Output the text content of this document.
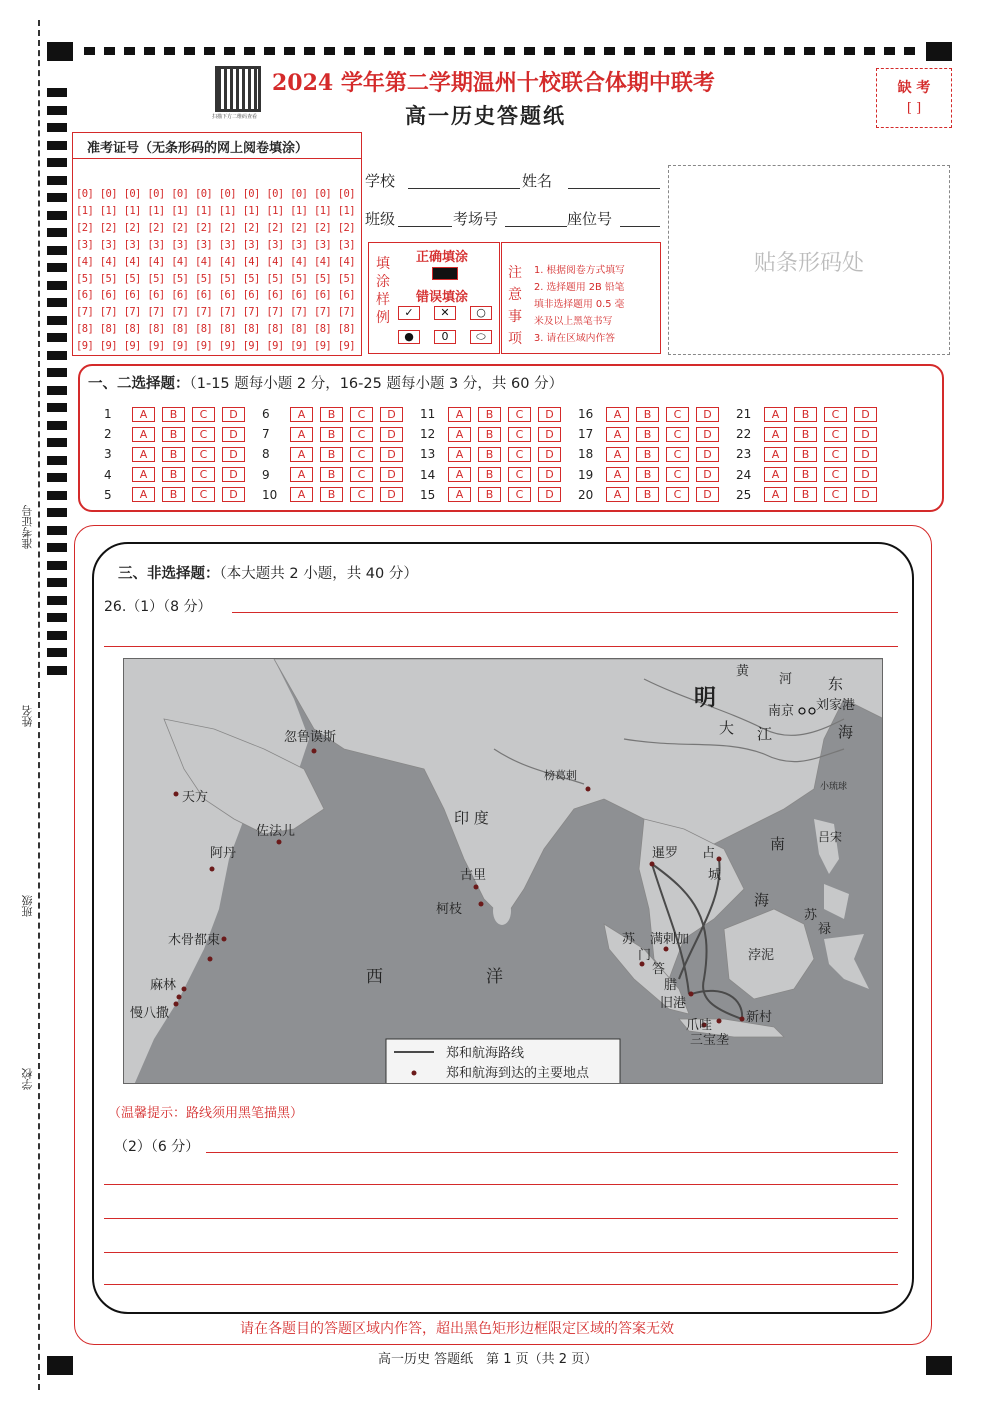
准考证号
姓名
班级
学校
扫描下方二维码查看
2024 学年第二学期温州十校联合体期中联考
高一历史答题纸
缺 考
[ ]
准考证号（无条形码的网上阅卷填涂）
[0] [0] [0] [0] [0] [0] [0] [0] [0] [0] [0] [0]
[1] [1] [1] [1] [1] [1] [1] [1] [1] [1] [1] [1]
[2] [2] [2] [2] [2] [2] [2] [2] [2] [2] [2] [2]
[3] [3] [3] [3] [3] [3] [3] [3] [3] [3] [3] [3]
[4] [4] [4] [4] [4] [4] [4] [4] [4] [4] [4] [4]
[5] [5] [5] [5] [5] [5] [5] [5] [5] [5] [5] [5]
[6] [6] [6] [6] [6] [6] [6] [6] [6] [6] [6] [6]
[7] [7] [7] [7] [7] [7] [7] [7] [7] [7] [7] [7]
[8] [8] [8] [8] [8] [8] [8] [8] [8] [8] [8] [8]
[9] [9] [9] [9] [9] [9] [9] [9] [9] [9] [9] [9]
学校	姓名
班级	考场号	座位号
贴条形码处
填
涂
样
例
正确填涂
错误填涂
✓	✕	○
●	0	⬭
注
意
事
项
1. 根据阅卷方式填写
2. 选择题用 2B 铅笔
填非选择题用 0.5 毫
米及以上黑笔书写
3. 请在区域内作答
一、二选择题：（1-15 题每小题 2 分，16-25 题每小题 3 分，共 60 分）
1	A	B	C	D
2	A	B	C	D
3	A	B	C	D
4	A	B	C	D
5	A	B	C	D
6	A	B	C	D
7	A	B	C	D
8	A	B	C	D
9	A	B	C	D
10	A	B	C	D
11	A	B	C	D
12	A	B	C	D
13	A	B	C	D
14	A	B	C	D
15	A	B	C	D
16	A	B	C	D
17	A	B	C	D
18	A	B	C	D
19	A	B	C	D
20	A	B	C	D
21	A	B	C	D
22	A	B	C	D
23	A	B	C	D
24	A	B	C	D
25	A	B	C	D
三、非选择题：（本大题共 2 小题，共 40 分）
26.（1）（8 分）
明
黄
河 东
海
大 江
南京 刘家港
小琉球
忽鲁谟斯
天方
佐法儿
阿丹
榜葛剌
印 度
古里
柯枝
木骨都束
麻林
慢八撒
西	洋
暹罗 占
城
南
海
吕宋
苏
禄
浡泥
满剌加
苏
门
答
腊
旧港
爪哇
新村
三宝垄
郑和航海路线
郑和航海到达的主要地点
（温馨提示：路线须用黑笔描黑）
（2）（6 分）
请在各题目的答题区域内作答，超出黑色矩形边框限定区域的答案无效
高一历史 答题纸　第 1 页（共 2 页）
